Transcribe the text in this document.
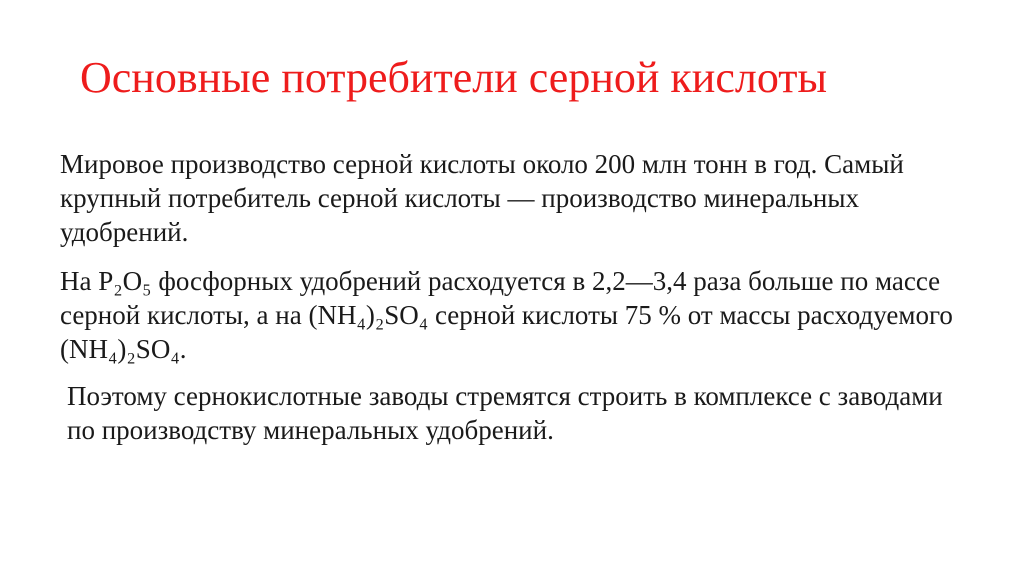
Основные потребители серной кислоты

Мировое производство серной кислоты около 200 млн тонн в год. Самый крупный потребитель серной кислоты — производство минеральных удобрений.

На P₂O₅ фосфорных удобрений расходуется в 2,2—3,4 раза больше по массе серной кислоты, а на (NH₄)₂SO₄ серной кислоты 75 % от массы расходуемого (NH₄)₂SO₄.

Поэтому сернокислотные заводы стремятся строить в комплексе с заводами по производству минеральных удобрений.
